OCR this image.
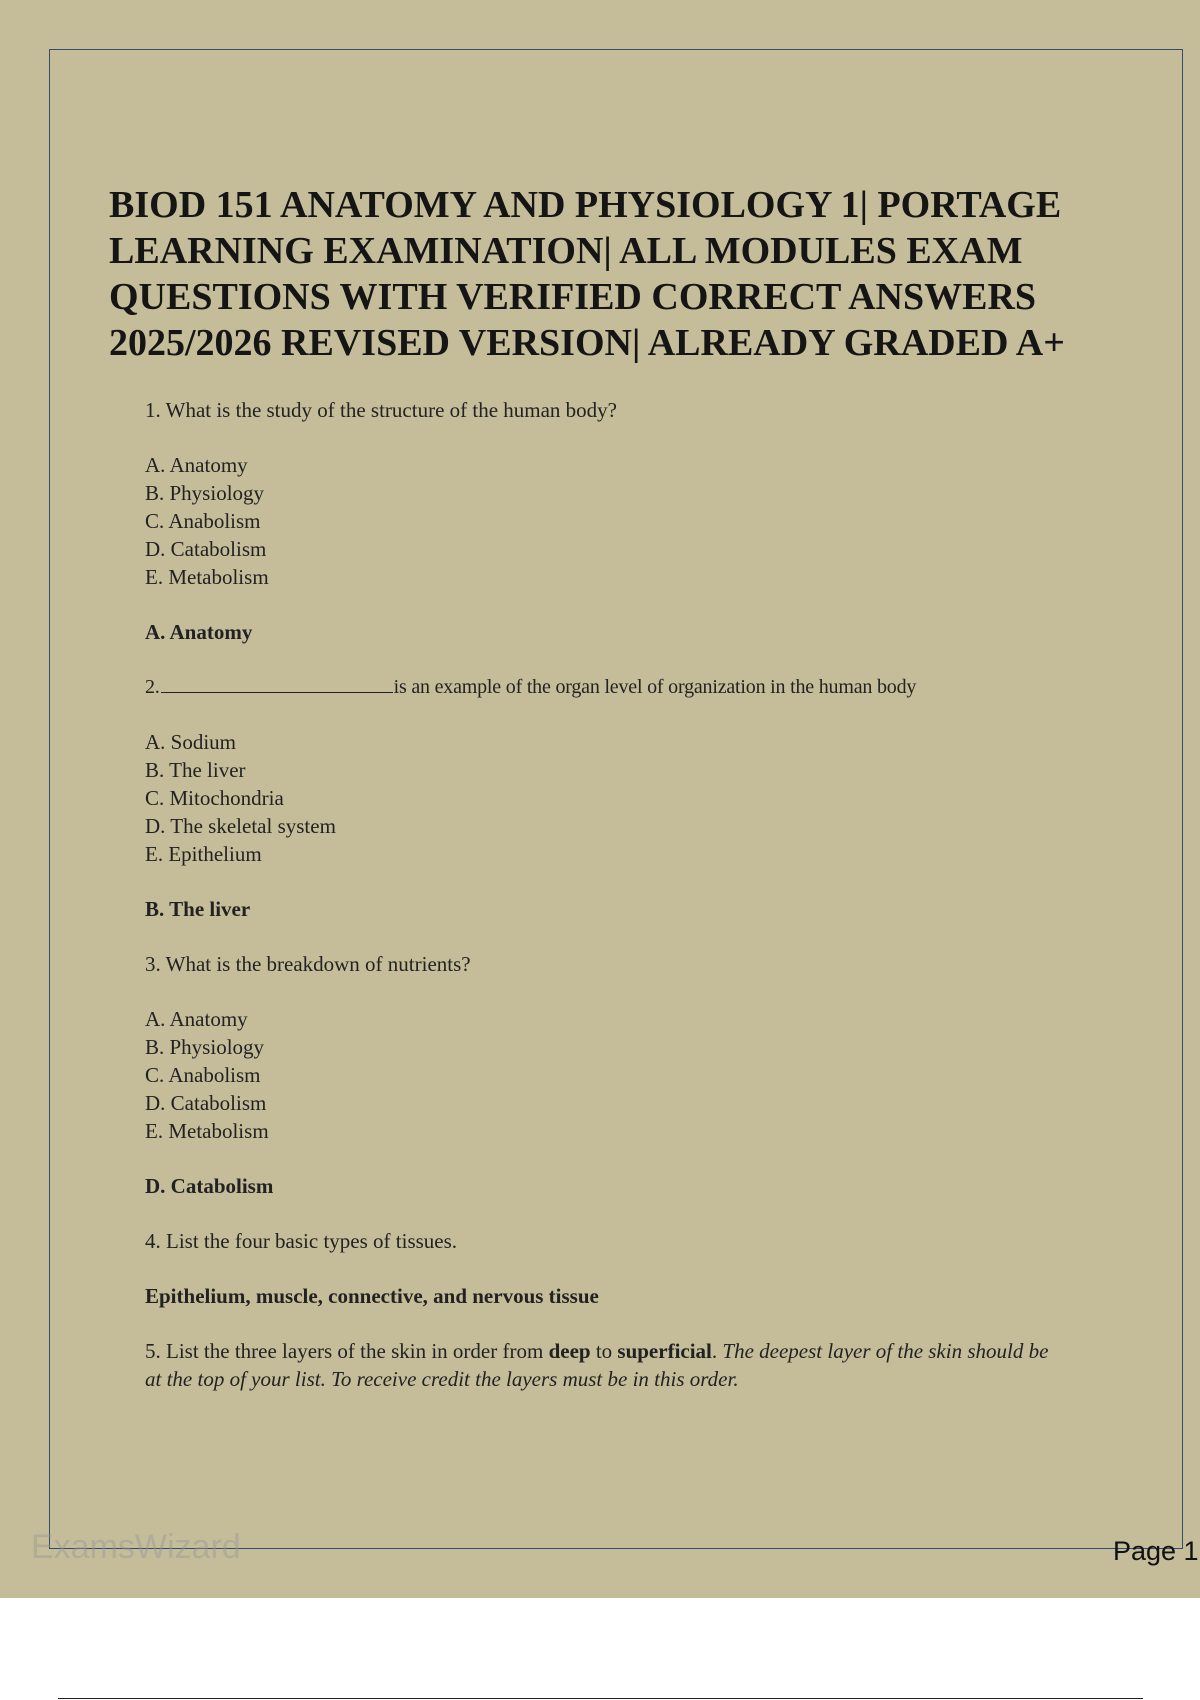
BIOD 151 ANATOMY AND PHYSIOLOGY 1| PORTAGE LEARNING EXAMINATION| ALL MODULES EXAM QUESTIONS WITH VERIFIED CORRECT ANSWERS 2025/2026 REVISED VERSION| ALREADY GRADED A+

1. What is the study of the structure of the human body?

A. Anatomy
B. Physiology
C. Anabolism
D. Catabolism
E. Metabolism

A. Anatomy

2.	is an example of the organ level of organization in the human body

A. Sodium
B. The liver
C. Mitochondria
D. The skeletal system
E. Epithelium

B. The liver

3. What is the breakdown of nutrients?

A. Anatomy
B. Physiology
C. Anabolism
D. Catabolism
E. Metabolism

D. Catabolism

4. List the four basic types of tissues.

Epithelium, muscle, connective, and nervous tissue

5. List the three layers of the skin in order from deep to superficial. The deepest layer of the skin should be at the top of your list. To receive credit the layers must be in this order.

ExamsWizard	Page 1
